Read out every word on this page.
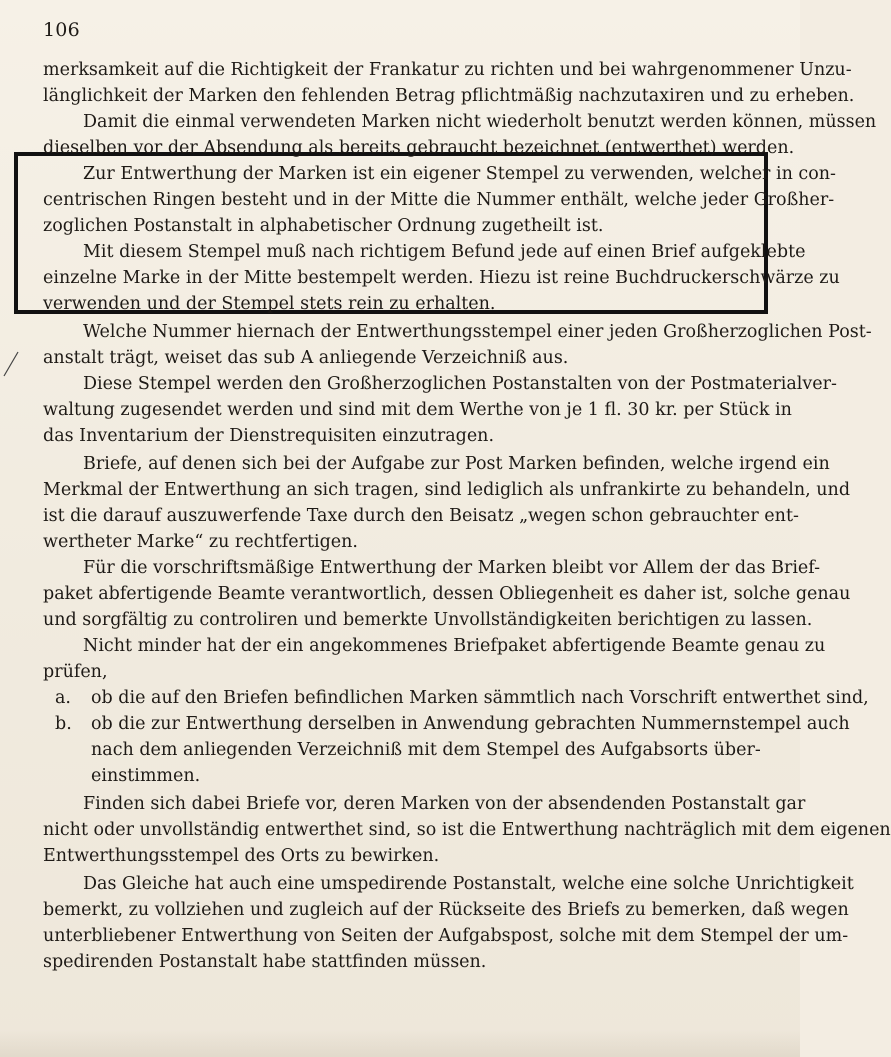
106
merksamkeit auf die Richtigkeit der Frankatur zu richten und bei wahrgenommener Unzu-
länglichkeit der Marken den fehlenden Betrag pflichtmäßig nachzutaxiren und zu erheben.
Damit die einmal verwendeten Marken nicht wiederholt benutzt werden können, müssen
dieselben vor der Absendung als bereits gebraucht bezeichnet (entwerthet) werden.
Zur Entwerthung der Marken ist ein eigener Stempel zu verwenden, welcher in con-
centrischen Ringen besteht und in der Mitte die Nummer enthält, welche jeder Großher-
zoglichen Postanstalt in alphabetischer Ordnung zugetheilt ist.
Mit diesem Stempel muß nach richtigem Befund jede auf einen Brief aufgeklebte
einzelne Marke in der Mitte bestempelt werden. Hiezu ist reine Buchdruckerschwärze zu
verwenden und der Stempel stets rein zu erhalten.
Welche Nummer hiernach der Entwerthungsstempel einer jeden Großherzoglichen Post-
anstalt trägt, weiset das sub A anliegende Verzeichniß aus.
Diese Stempel werden den Großherzoglichen Postanstalten von der Postmaterialver-
waltung zugesendet werden und sind mit dem Werthe von je 1 fl. 30 kr. per Stück in
das Inventarium der Dienstrequisiten einzutragen.
Briefe, auf denen sich bei der Aufgabe zur Post Marken befinden, welche irgend ein
Merkmal der Entwerthung an sich tragen, sind lediglich als unfrankirte zu behandeln, und
ist die darauf auszuwerfende Taxe durch den Beisatz „wegen schon gebrauchter ent-
wertheter Marke“ zu rechtfertigen.
Für die vorschriftsmäßige Entwerthung der Marken bleibt vor Allem der das Brief-
paket abfertigende Beamte verantwortlich, dessen Obliegenheit es daher ist, solche genau
und sorgfältig zu controliren und bemerkte Unvollständigkeiten berichtigen zu lassen.
Nicht minder hat der ein angekommenes Briefpaket abfertigende Beamte genau zu
prüfen,
a.	ob die auf den Briefen befindlichen Marken sämmtlich nach Vorschrift entwerthet sind,
b.	ob die zur Entwerthung derselben in Anwendung gebrachten Nummernstempel auch
nach dem anliegenden Verzeichniß mit dem Stempel des Aufgabsorts über-
einstimmen.
Finden sich dabei Briefe vor, deren Marken von der absendenden Postanstalt gar
nicht oder unvollständig entwerthet sind, so ist die Entwerthung nachträglich mit dem eigenen
Entwerthungsstempel des Orts zu bewirken.
Das Gleiche hat auch eine umspedirende Postanstalt, welche eine solche Unrichtigkeit
bemerkt, zu vollziehen und zugleich auf der Rückseite des Briefs zu bemerken, daß wegen
unterbliebener Entwerthung von Seiten der Aufgabspost, solche mit dem Stempel der um-
spedirenden Postanstalt habe stattfinden müssen.
